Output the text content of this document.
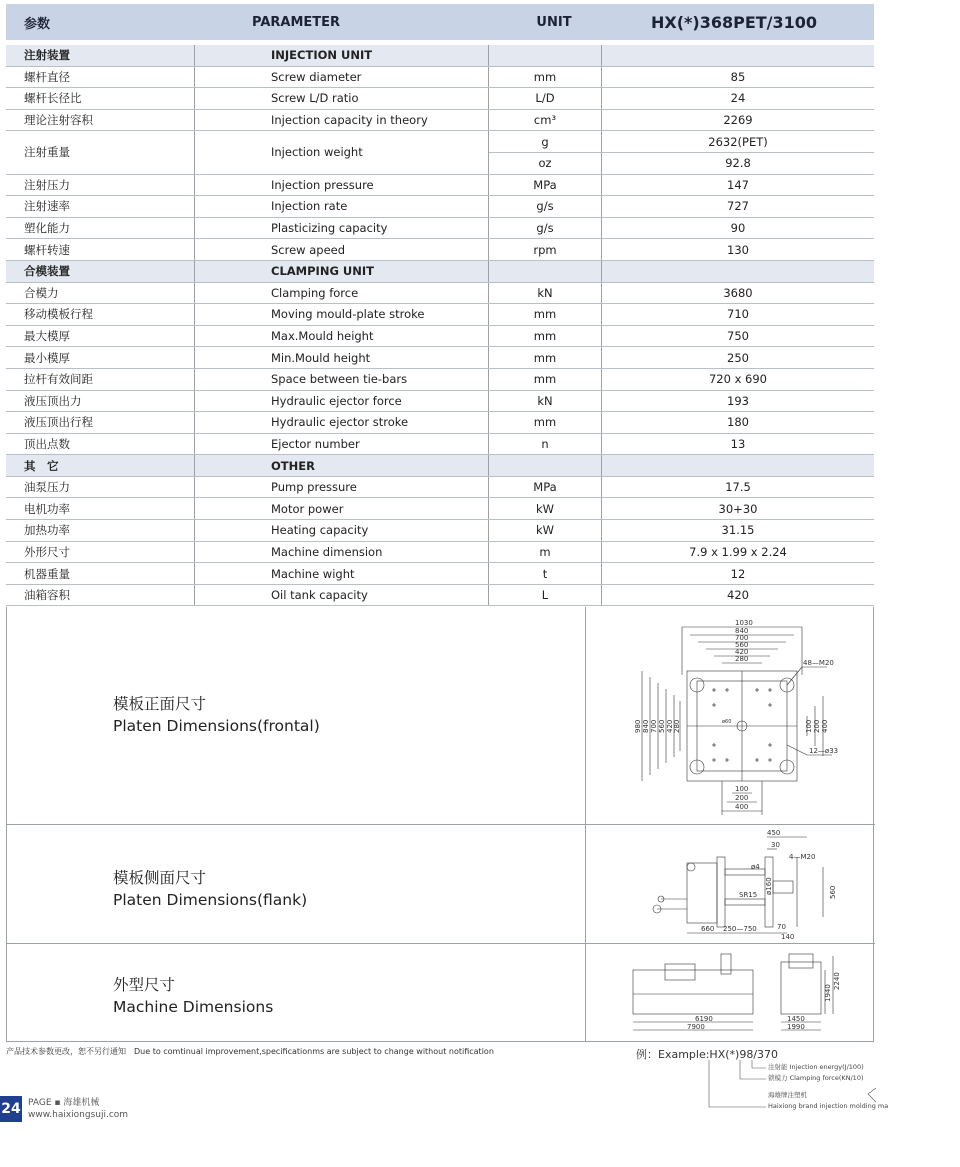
参数	PARAMETER	UNIT	HX(*)368PET/3100
注射装置	INJECTION UNIT		
螺杆直径	Screw diameter	mm	85
螺杆长径比	Screw L/D ratio	L/D	24
理论注射容积	Injection capacity in theory	cm³	2269
注射重量	Injection weight	g	2632(PET)
		oz	92.8
注射压力	Injection pressure	MPa	147
注射速率	Injection rate	g/s	727
塑化能力	Plasticizing capacity	g/s	90
螺杆转速	Screw apeed	rpm	130
合模装置	CLAMPING UNIT		
合模力	Clamping force	kN	3680
移动模板行程	Moving mould-plate stroke	mm	710
最大模厚	Max.Mould height	mm	750
最小模厚	Min.Mould height	mm	250
拉杆有效间距	Space between tie-bars	mm	720 x 690
液压顶出力	Hydraulic ejector force	kN	193
液压顶出行程	Hydraulic ejector stroke	mm	180
顶出点数	Ejector number	n	13
其　它	OTHER		
油泵压力	Pump pressure	MPa	17.5
电机功率	Motor power	kW	30+30
加热功率	Heating capacity	kW	31.15
外形尺寸	Machine dimension	m	7.9 x 1.99 x 2.24
机器重量	Machine wight	t	12
油箱容积	Oil tank capacity	L	420
模板正面尺寸
Platen Dimensions(frontal)
1030
840
700
560
420
280	48—M20
12—ø33
ø60
980 840 700 560 420 280	100 200 400
100
200
400
模板侧面尺寸
Platen Dimensions(flank)
450
30
4—M20
560
ø4
ø160
SR15
660 250—750	70
140
外型尺寸
Machine Dimensions
6190
7900
1450
1990
1940
2240
产品技术参数更改，恕不另行通知　Due to comtinual improvement,specificationms are subject to change without notification	例：Example:HX(*)98/370
注射能 Injection energy(J/100)
锁模力 Clamping force(KN/10)
海雄牌注塑机
Haixiong brand injection molding ma
24 PAGE ▪ 海雄机械
www.haixiongsuji.com
